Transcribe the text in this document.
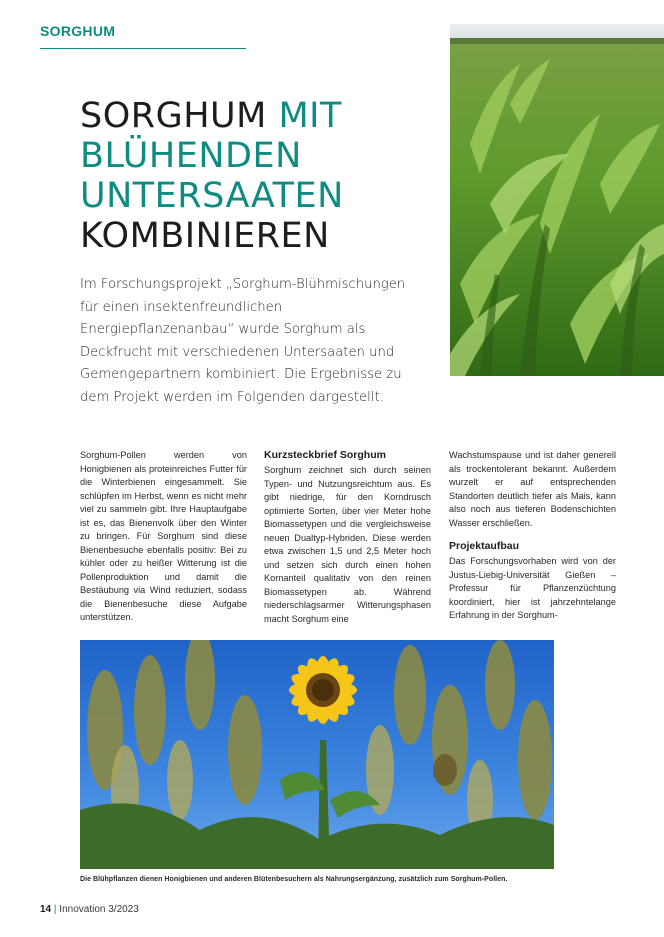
SORGHUM
SORGHUM MIT
BLÜHENDEN
UNTERSAATEN
KOMBINIEREN

Im Forschungsprojekt „Sorghum-Blühmischungen für einen insektenfreundlichen Energiepflanzenanbau“ wurde Sorghum als Deckfrucht mit verschiedenen Untersaaten und Gemengepartnern kombiniert. Die Ergebnisse zu dem Projekt werden im Folgenden dargestellt.

Sorghum-Pollen werden von Honigbienen als proteinreiches Futter für die Winterbienen eingesammelt. Sie schlüpfen im Herbst, wenn es nicht mehr viel zu sammeln gibt. Ihre Hauptaufgabe ist es, das Bienenvolk über den Winter zu bringen. Für Sorghum sind diese Bienenbesuche ebenfalls positiv: Bei zu kühler oder zu heißer Witterung ist die Pollenproduktion und damit die Bestäubung via Wind reduziert, sodass die Bienenbesuche diese Aufgabe unterstützen.

Kurzsteckbrief Sorghum

Sorghum zeichnet sich durch seinen Typen- und Nutzungsreichtum aus. Es gibt niedrige, für den Korndrusch optimierte Sorten, über vier Meter hohe Biomassetypen und die vergleichsweise neuen Dualtyp-Hybriden. Diese werden etwa zwischen 1,5 und 2,5 Meter hoch und setzen sich durch einen hohen Kornanteil qualitativ von den reinen Biomassetypen ab. Während niederschlagsarmer Witterungsphasen macht Sorghum eine

Wachstumspause und ist daher generell als trockentolerant bekannt. Außerdem wurzelt er auf entsprechenden Standorten deutlich tiefer als Mais, kann also noch aus tieferen Bodenschichten Wasser erschließen.

Projektaufbau

Das Forschungsvorhaben wird von der Justus-Liebig-Universität Gießen – Professur für Pflanzenzüchtung koordiniert, hier ist jahrzehntelange Erfahrung in der Sorghum-

Die Blühpflanzen dienen Honigbienen und anderen Blütenbesuchern als Nahrungsergänzung, zusätzlich zum Sorghum-Pollen.
14 | Innovation 3/2023
